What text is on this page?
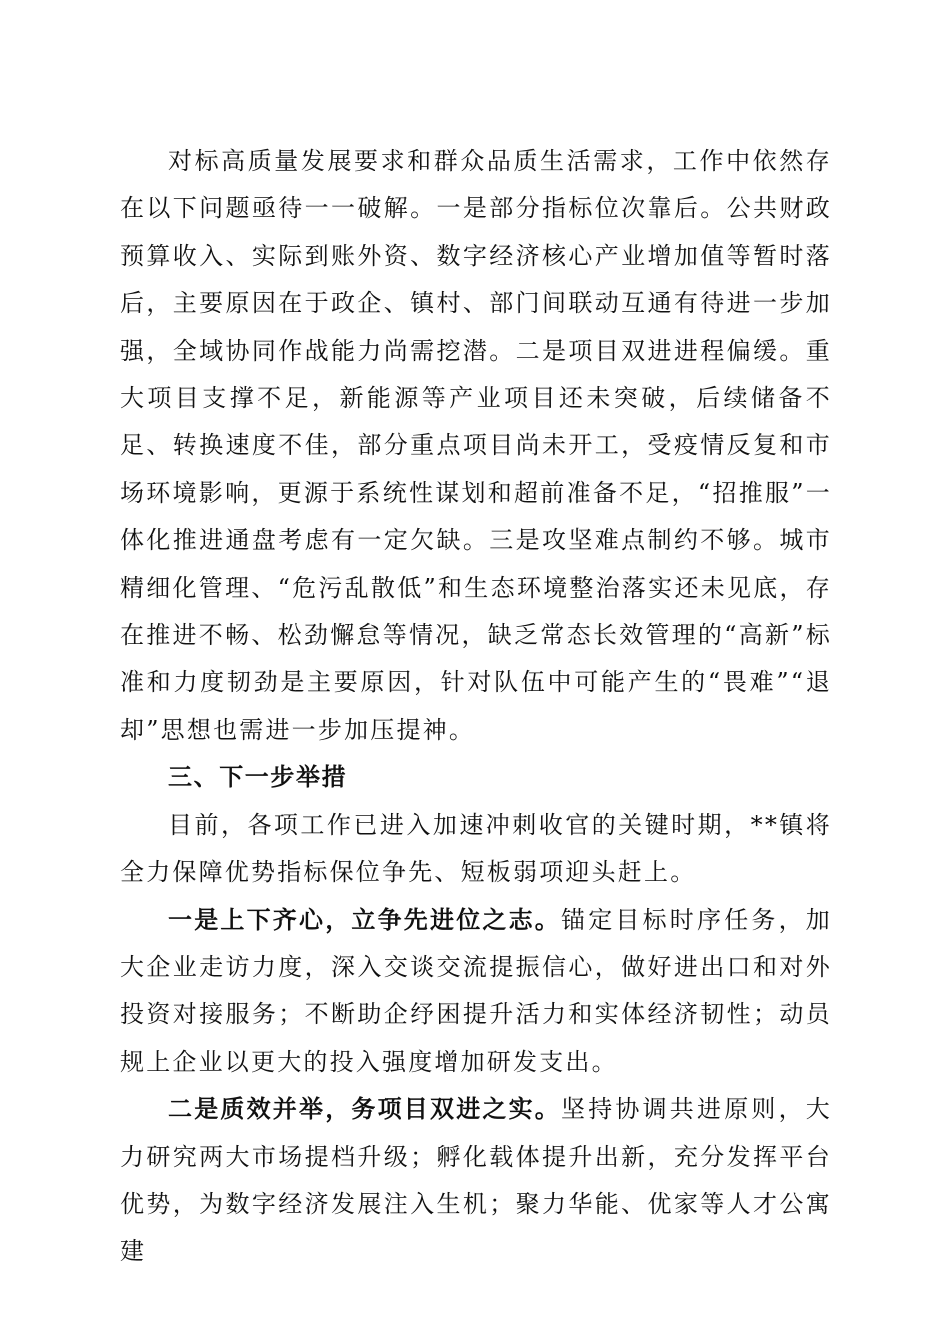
对标高质量发展要求和群众品质生活需求，工作中依然存在以下问题亟待一一破解。一是部分指标位次靠后。公共财政预算收入、实际到账外资、数字经济核心产业增加值等暂时落后，主要原因在于政企、镇村、部门间联动互通有待进一步加强，全域协同作战能力尚需挖潜。二是项目双进进程偏缓。重大项目支撑不足，新能源等产业项目还未突破，后续储备不足、转换速度不佳，部分重点项目尚未开工，受疫情反复和市场环境影响，更源于系统性谋划和超前准备不足，“招推服”一体化推进通盘考虑有一定欠缺。三是攻坚难点制约不够。城市精细化管理、“危污乱散低”和生态环境整治落实还未见底，存在推进不畅、松劲懈怠等情况，缺乏常态长效管理的“高新”标准和力度韧劲是主要原因，针对队伍中可能产生的“畏难”“退却”思想也需进一步加压提神。

三、下一步举措

目前，各项工作已进入加速冲刺收官的关键时期，**镇将全力保障优势指标保位争先、短板弱项迎头赶上。

一是上下齐心，立争先进位之志。锚定目标时序任务，加大企业走访力度，深入交谈交流提振信心，做好进出口和对外投资对接服务；不断助企纾困提升活力和实体经济韧性；动员规上企业以更大的投入强度增加研发支出。

二是质效并举，务项目双进之实。坚持协调共进原则，大力研究两大市场提档升级；孵化载体提升出新，充分发挥平台优势，为数字经济发展注入生机；聚力华能、优家等人才公寓建
